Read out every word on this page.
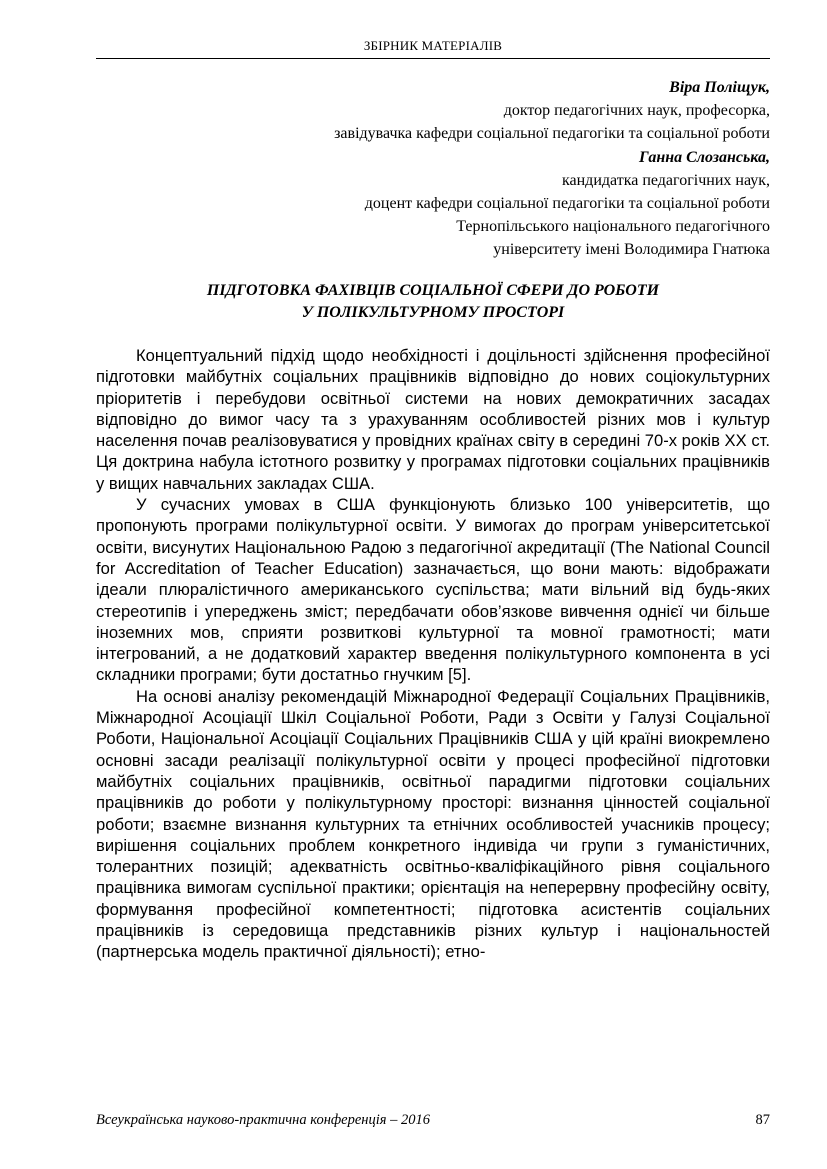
ЗБІРНИК МАТЕРІАЛІВ
Віра Поліщук,
доктор педагогічних наук, професорка,
завідувачка кафедри соціальної педагогіки та соціальної роботи
Ганна Слозанська,
кандидатка педагогічних наук,
доцент кафедри соціальної педагогіки та соціальної роботи
Тернопільського національного педагогічного
університету імені Володимира Гнатюка
ПІДГОТОВКА ФАХІВЦІВ СОЦІАЛЬНОЇ СФЕРИ ДО РОБОТИ
У ПОЛІКУЛЬТУРНОМУ ПРОСТОРІ

Концептуальний підхід щодо необхідності і доцільності здійснення професійної підготовки майбутніх соціальних працівників відповідно до нових соціокультурних пріоритетів і перебудови освітньої системи на нових демократичних засадах відповідно до вимог часу та з урахуванням особливостей різних мов і культур населення почав реалізовуватися у провідних країнах світу в середині 70-х років ХХ ст. Ця доктрина набула істотного розвитку у програмах підготовки соціальних працівників у вищих навчальних закладах США.

У сучасних умовах в США функціонують близько 100 університетів, що пропонують програми полікультурної освіти. У вимогах до програм університетської освіти, висунутих Національною Радою з педагогічної акредитації (The National Council for Accreditation of Teacher Education) зазначається, що вони мають: відображати ідеали плюралістичного американського суспільства; мати вільний від будь-яких стереотипів і упереджень зміст; передбачати обов’язкове вивчення однієї чи більше іноземних мов, сприяти розвиткові культурної та мовної грамотності; мати інтегрований, а не додатковий характер введення полікультурного компонента в усі складники програми; бути достатньо гнучким [5].

На основі аналізу рекомендацій Міжнародної Федерації Соціальних Працівників, Міжнародної Асоціації Шкіл Соціальної Роботи, Ради з Освіти у Галузі Соціальної Роботи, Національної Асоціації Соціальних Працівників США у цій країні виокремлено основні засади реалізації полікультурної освіти у процесі професійної підготовки майбутніх соціальних працівників, освітньої парадигми підготовки соціальних працівників до роботи у полікультурному просторі: визнання цінностей соціальної роботи; взаємне визнання культурних та етнічних особливостей учасників процесу; вирішення соціальних проблем конкретного індивіда чи групи з гуманістичних, толерантних позицій; адекватність освітньо-кваліфікаційного рівня соціального працівника вимогам суспільної практики; орієнтація на неперервну професійну освіту, формування професійної компетентності; підготовка асистентів соціальних працівників із середовища представників різних культур і національностей (партнерська модель практичної діяльності); етно-

Всеукраїнська науково-практична конференція – 2016	87
